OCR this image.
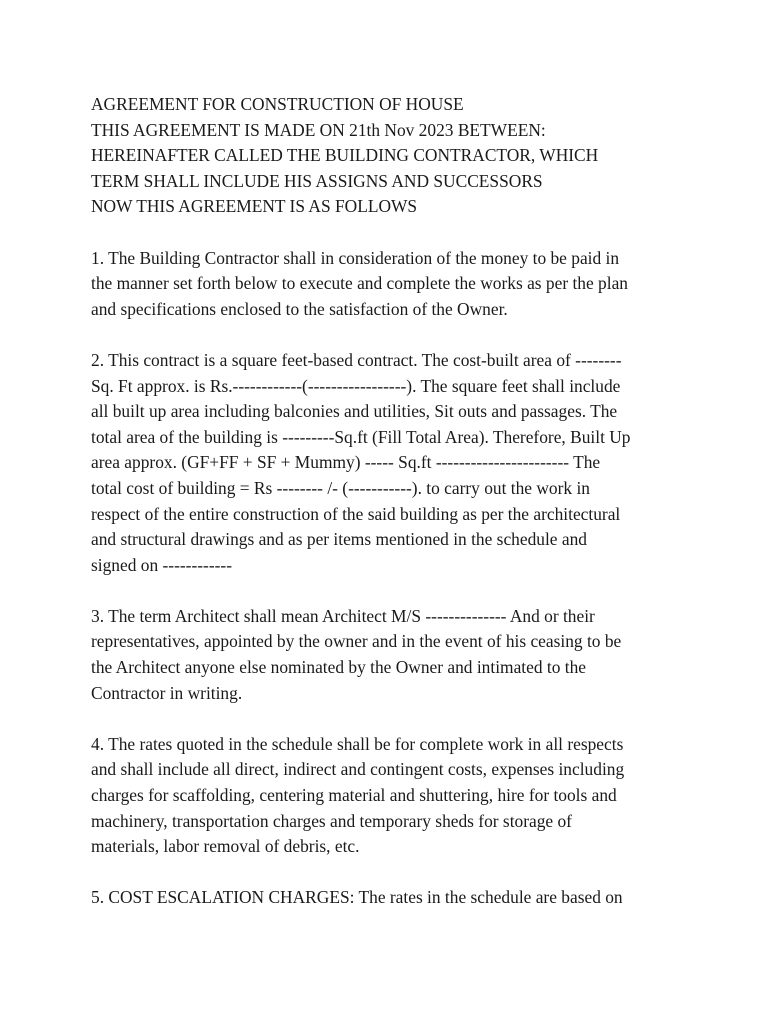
AGREEMENT FOR CONSTRUCTION OF HOUSE
THIS AGREEMENT IS MADE ON 21th Nov 2023 BETWEEN:
HEREINAFTER CALLED THE BUILDING CONTRACTOR, WHICH
TERM SHALL INCLUDE HIS ASSIGNS AND SUCCESSORS
NOW THIS AGREEMENT IS AS FOLLOWS

1. The Building Contractor shall in consideration of the money to be paid in
the manner set forth below to execute and complete the works as per the plan
and specifications enclosed to the satisfaction of the Owner.

2. This contract is a square feet-based contract. The cost-built area of --------
Sq. Ft approx. is Rs.------------(-----------------). The square feet shall include
all built up area including balconies and utilities, Sit outs and passages. The
total area of the building is ---------Sq.ft (Fill Total Area). Therefore, Built Up
area approx. (GF+FF + SF + Mummy) ----- Sq.ft ----------------------- The
total cost of building = Rs -------- /- (-----------). to carry out the work in
respect of the entire construction of the said building as per the architectural
and structural drawings and as per items mentioned in the schedule and
signed on ------------

3. The term Architect shall mean Architect M/S -------------- And or their
representatives, appointed by the owner and in the event of his ceasing to be
the Architect anyone else nominated by the Owner and intimated to the
Contractor in writing.

4. The rates quoted in the schedule shall be for complete work in all respects
and shall include all direct, indirect and contingent costs, expenses including
charges for scaffolding, centering material and shuttering, hire for tools and
machinery, transportation charges and temporary sheds for storage of
materials, labor removal of debris, etc.

5. COST ESCALATION CHARGES: The rates in the schedule are based on
